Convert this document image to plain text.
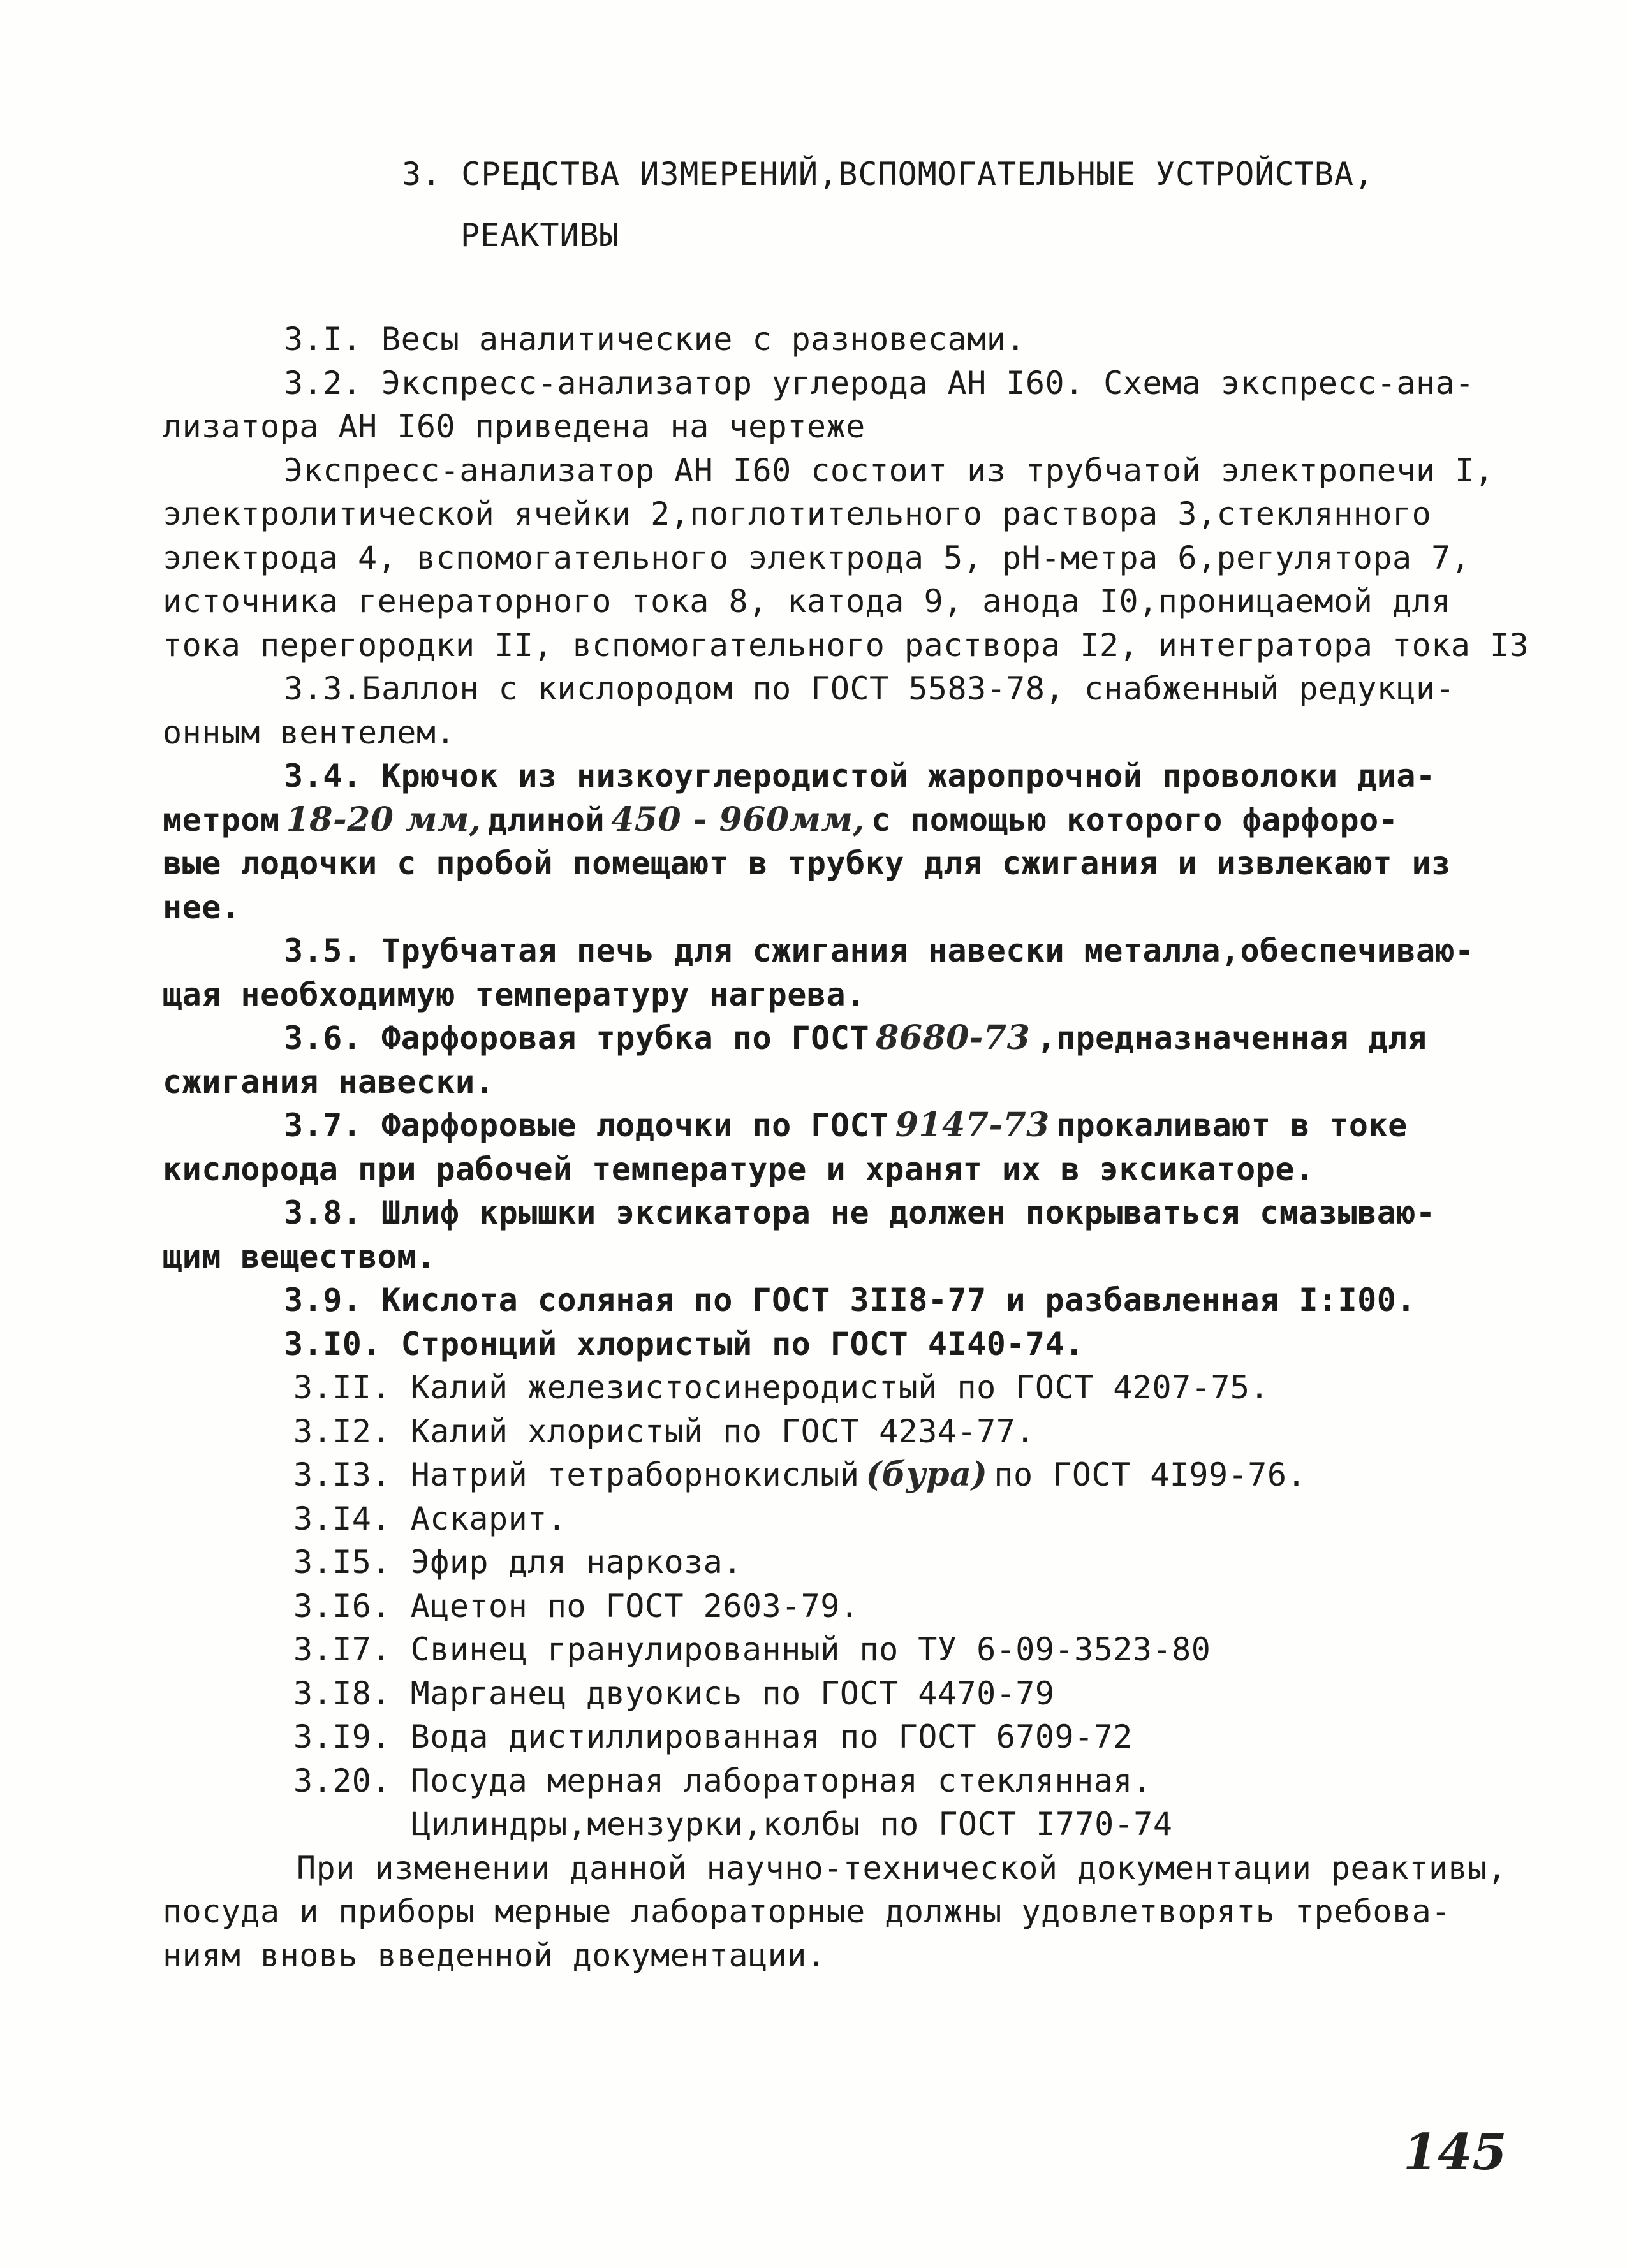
3. СРЕДСТВА ИЗМЕРЕНИЙ,ВСПОМОГАТЕЛЬНЫЕ УСТРОЙСТВА,
РЕАКТИВЫ
3.I. Весы аналитические с разновесами.
3.2. Экспресс-анализатор углерода АН I60. Схема экспресс-ана-
лизатора АН I60 приведена на чертеже
Экспресс-анализатор АН I60 состоит из трубчатой электропечи I,
электролитической ячейки 2,поглотительного раствора 3,стеклянного
электрода 4, вспомогательного электрода 5, рН-метра 6,регулятора 7,
источника генераторного тока 8, катода 9, анода I0,проницаемой для
тока перегородки II, вспомогательного раствора I2, интегратора тока I3
3.3.Баллон с кислородом по ГОСТ 5583-78, снабженный редукци-
онным вентелем.
3.4. Крючок из низкоуглеродистой жаропрочной проволоки диа-
метром 18-20 мм, длиной 450 - 960мм, с помощью которого фарфоро-
вые лодочки с пробой помещают в трубку для сжигания и извлекают из
нее.
3.5. Трубчатая печь для сжигания навески металла,обеспечиваю-
щая необходимую температуру нагрева.
3.6. Фарфоровая трубка по ГОСТ 8680-73 ,предназначенная для
сжигания навески.
3.7. Фарфоровые лодочки по ГОСТ 9147-73 прокаливают в токе
кислорода при рабочей температуре и хранят их в эксикаторе.
3.8. Шлиф крышки эксикатора не должен покрываться смазываю-
щим веществом.
3.9. Кислота соляная по ГОСТ 3II8-77 и разбавленная I:I00.
3.I0. Стронций хлористый по ГОСТ 4I40-74.
3.II. Калий железистосинеродистый по ГОСТ 4207-75.
3.I2. Калий хлористый по ГОСТ 4234-77.
3.I3. Натрий тетраборнокислый (бура) по ГОСТ 4I99-76.
3.I4. Аскарит.
3.I5. Эфир для наркоза.
3.I6. Ацетон по ГОСТ 2603-79.
3.I7. Свинец гранулированный по ТУ 6-09-3523-80
3.I8. Марганец двуокись по ГОСТ 4470-79
3.I9. Вода дистиллированная по ГОСТ 6709-72
3.20. Посуда мерная лабораторная стеклянная.
Цилиндры,мензурки,колбы по ГОСТ I770-74
При изменении данной научно-технической документации реактивы,
посуда и приборы мерные лабораторные должны удовлетворять требова-
ниям вновь введенной документации.
145
